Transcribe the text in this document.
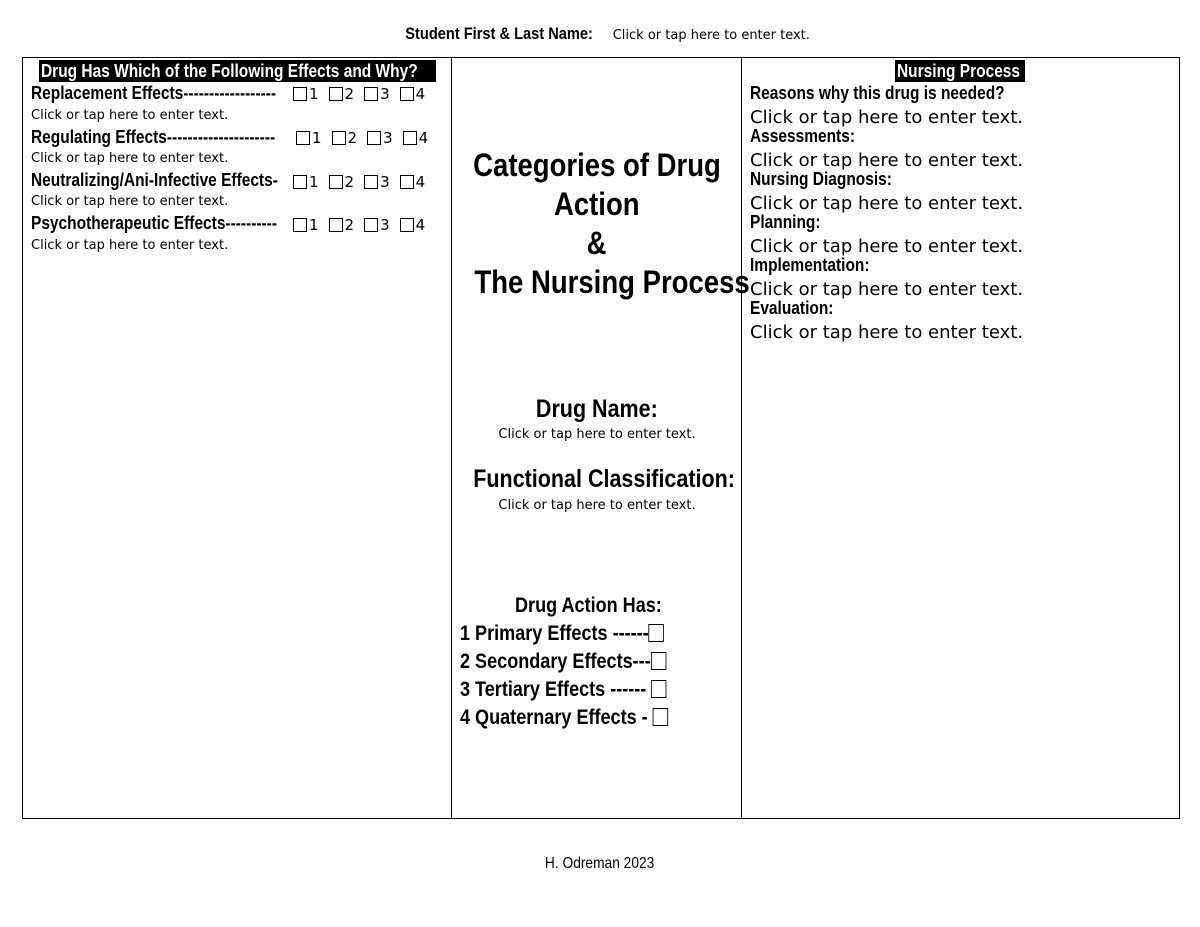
Student First & Last Name: Click or tap here to enter text.
Drug Has Which of the Following Effects and Why?
Replacement Effects------------------	1 2 3 4
Click or tap here to enter text.
Regulating Effects---------------------	1 2 3 4
Click or tap here to enter text.
Neutralizing/Ani-Infective Effects-	1 2 3 4
Click or tap here to enter text.
Psychotherapeutic Effects----------	1 2 3 4
Click or tap here to enter text.
Categories of Drug
Action
&
The Nursing Process
Drug Name:
Click or tap here to enter text.
Functional Classification:
Click or tap here to enter text.
Drug Action Has:
1 Primary Effects ------
2 Secondary Effects---
3 Tertiary Effects ------
4 Quaternary Effects -
Nursing Process
Reasons why this drug is needed?
Click or tap here to enter text.
Assessments:
Click or tap here to enter text.
Nursing Diagnosis:
Click or tap here to enter text.
Planning:
Click or tap here to enter text.
Implementation:
Click or tap here to enter text.
Evaluation:
Click or tap here to enter text.
H. Odreman 2023
